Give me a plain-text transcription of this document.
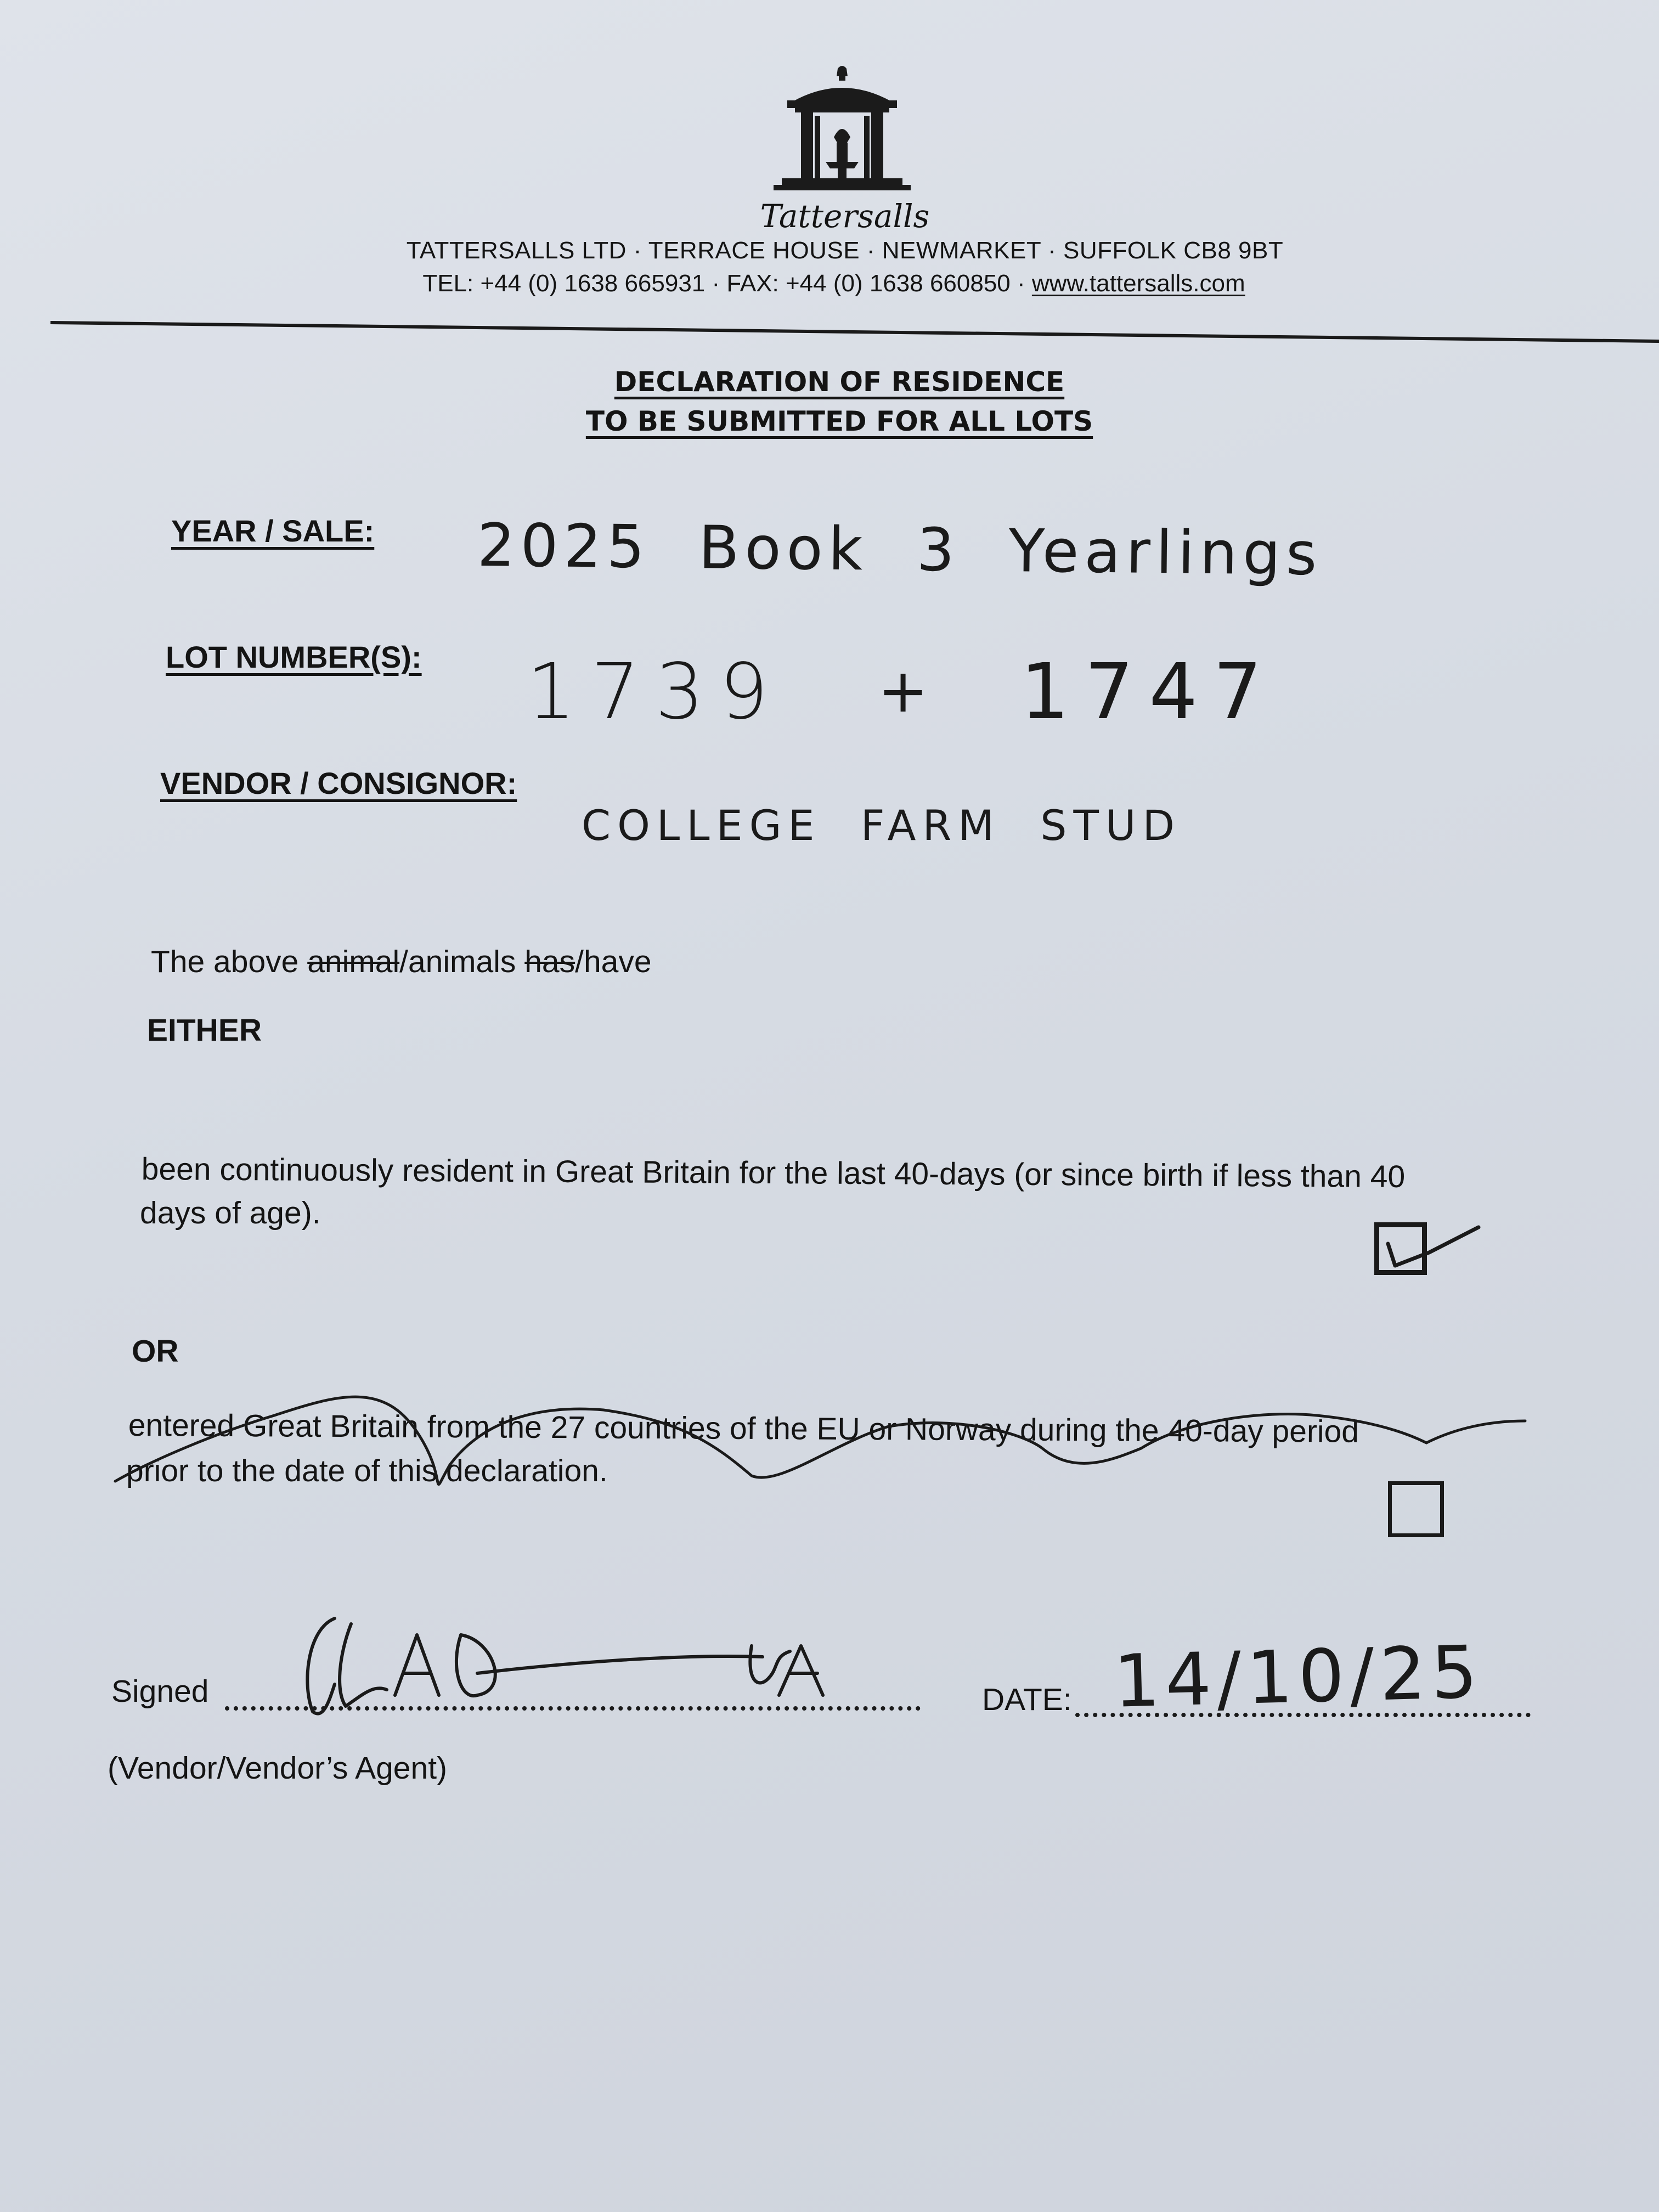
Tattersalls
TATTERSALLS LTD · TERRACE HOUSE · NEWMARKET · SUFFOLK CB8 9BT
TEL: +44 (0) 1638 665931 · FAX: +44 (0) 1638 660850 · www.tattersalls.com
DECLARATION OF RESIDENCE
TO BE SUBMITTED FOR ALL LOTS
YEAR / SALE: 2025  Book  3  Yearlings
LOT NUMBER(S): 1739 + 1747
VENDOR / CONSIGNOR:
COLLEGE  FARM  STUD
The above animal/animals has/have
EITHER
been continuously resident in Great Britain for the last 40-days (or since birth if less than 40
days of age).
OR
entered Great Britain from the 27 countries of the EU or Norway during the 40-day period
prior to the date of this declaration.
Signed	DATE: 14/10/25
(Vendor/Vendor’s Agent)
